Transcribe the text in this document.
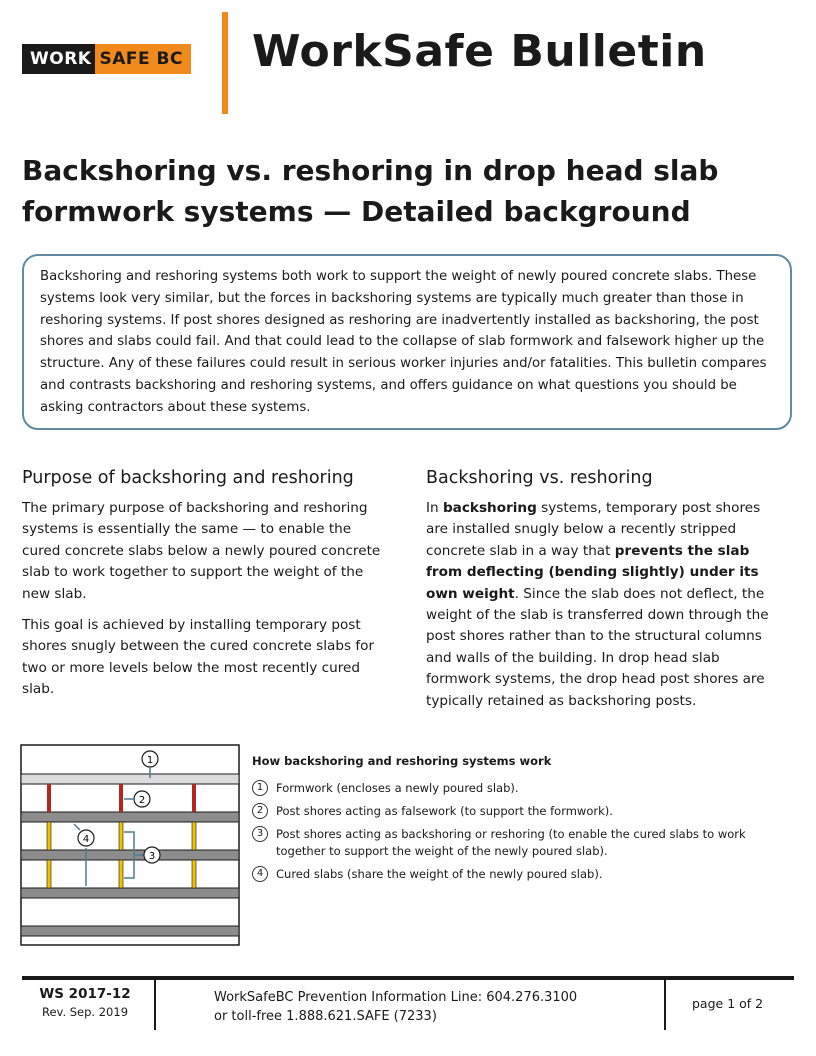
WORK SAFE BC WorkSafe Bulletin
Backshoring vs. reshoring in drop head slab formwork systems — Detailed background
Backshoring and reshoring systems both work to support the weight of newly poured concrete slabs. These systems look very similar, but the forces in backshoring systems are typically much greater than those in reshoring systems. If post shores designed as reshoring are inadvertently installed as backshoring, the post shores and slabs could fail. And that could lead to the collapse of slab formwork and falsework higher up the structure. Any of these failures could result in serious worker injuries and/or fatalities. This bulletin compares and contrasts backshoring and reshoring systems, and offers guidance on what questions you should be asking contractors about these systems.
Purpose of backshoring and reshoring

The primary purpose of backshoring and reshoring systems is essentially the same — to enable the cured concrete slabs below a newly poured concrete slab to work together to support the weight of the new slab.

This goal is achieved by installing temporary post shores snugly between the cured concrete slabs for two or more levels below the most recently cured slab.

Backshoring vs. reshoring

In backshoring systems, temporary post shores are installed snugly below a recently stripped concrete slab in a way that prevents the slab from deflecting (bending slightly) under its own weight. Since the slab does not deflect, the weight of the slab is transferred down through the post shores rather than to the structural columns and walls of the building. In drop head slab formwork systems, the drop head post shores are typically retained as backshoring posts.

1
2
3
4
How backshoring and reshoring systems work
1	Formwork (encloses a newly poured slab).
2	Post shores acting as falsework (to support the formwork).
3	Post shores acting as backshoring or reshoring (to enable the cured slabs to work together to support the weight of the newly poured slab).
4	Cured slabs (share the weight of the newly poured slab).
WS 2017-12
Rev. Sep. 2019
WorkSafeBC Prevention Information Line: 604.276.3100
or toll-free 1.888.621.SAFE (7233)
page 1 of 2
